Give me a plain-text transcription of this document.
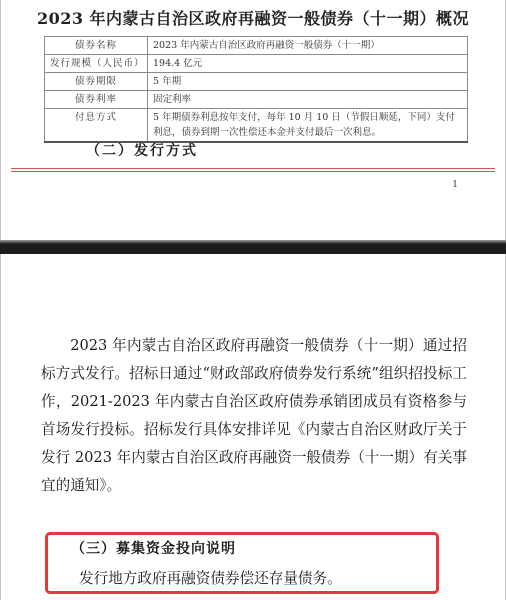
2023 年内蒙古自治区政府再融资一般债券（十一期）概况
债券名称	2023 年内蒙古自治区政府再融资一般债券（十一期）
发行规模（人民币）	194.4 亿元
债券期限	5 年期
债券利率	固定利率
付息方式	5 年期债券利息按年支付，每年 10 月 10 日（节假日顺延，下同）支付利息，债券到期一次性偿还本金并支付最后一次利息。
（二）发行方式
1

2023 年内蒙古自治区政府再融资一般债券（十一期）通过招标方式发行。招标日通过“财政部政府债券发行系统”组织招投标工作，2021-2023 年内蒙古自治区政府债券承销团成员有资格参与首场发行投标。招标发行具体安排详见《内蒙古自治区财政厅关于发行 2023 年内蒙古自治区政府再融资一般债券（十一期）有关事宜的通知》。

（三）募集资金投向说明
发行地方政府再融资债券偿还存量债务。
